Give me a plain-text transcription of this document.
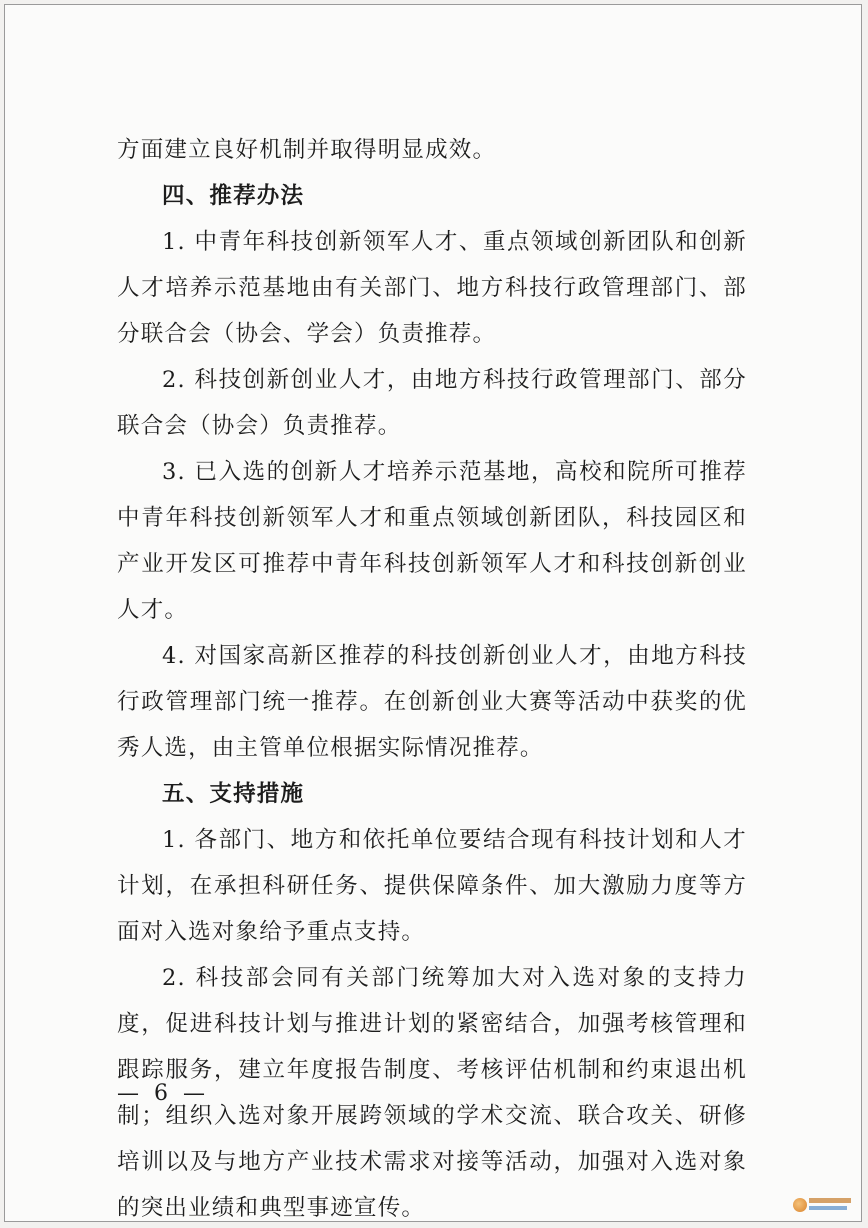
方面建立良好机制并取得明显成效。

四、推荐办法

1. 中青年科技创新领军人才、重点领域创新团队和创新人才培养示范基地由有关部门、地方科技行政管理部门、部分联合会（协会、学会）负责推荐。

2. 科技创新创业人才，由地方科技行政管理部门、部分联合会（协会）负责推荐。

3. 已入选的创新人才培养示范基地，高校和院所可推荐中青年科技创新领军人才和重点领域创新团队，科技园区和产业开发区可推荐中青年科技创新领军人才和科技创新创业人才。

4. 对国家高新区推荐的科技创新创业人才，由地方科技行政管理部门统一推荐。在创新创业大赛等活动中获奖的优秀人选，由主管单位根据实际情况推荐。

五、支持措施

1. 各部门、地方和依托单位要结合现有科技计划和人才计划，在承担科研任务、提供保障条件、加大激励力度等方面对入选对象给予重点支持。

2. 科技部会同有关部门统筹加大对入选对象的支持力度，促进科技计划与推进计划的紧密结合，加强考核管理和跟踪服务，建立年度报告制度、考核评估机制和约束退出机制；组织入选对象开展跨领域的学术交流、联合攻关、研修培训以及与地方产业技术需求对接等活动，加强对入选对象的突出业绩和典型事迹宣传。

— 6 —
